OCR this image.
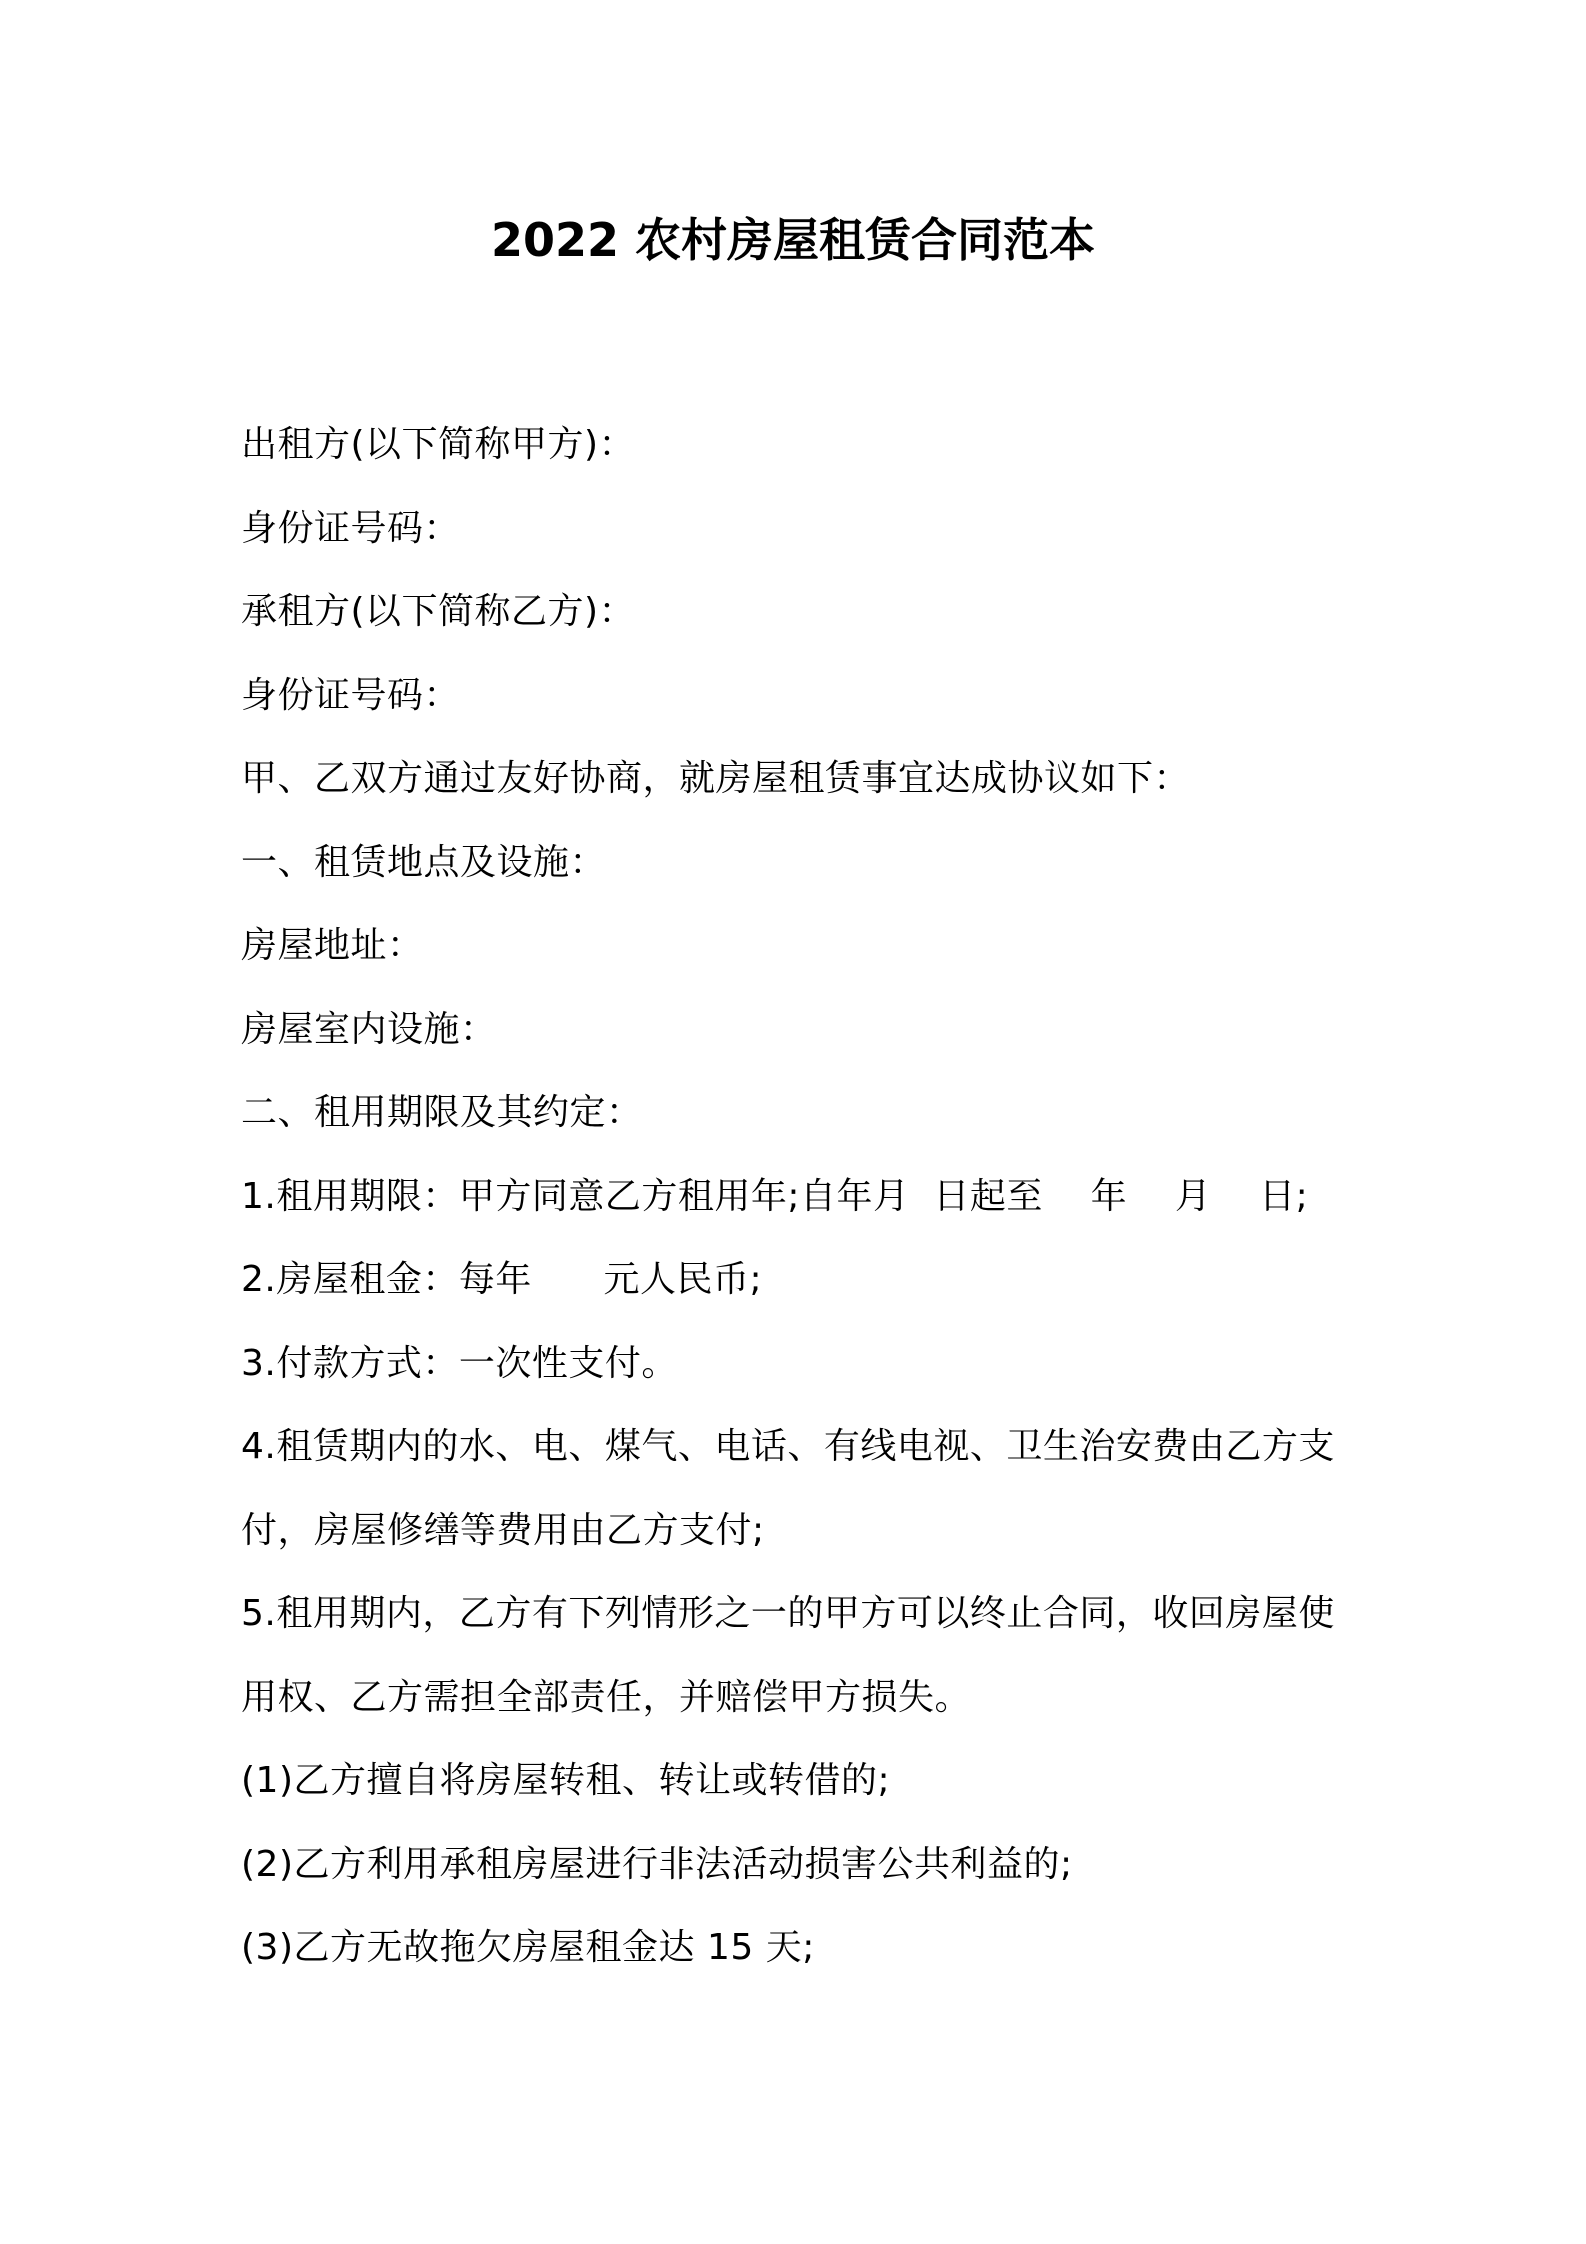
2022 农村房屋租赁合同范本
出租方(以下简称甲方)：
身份证号码：
承租方(以下简称乙方)：
身份证号码：
甲、乙双方通过友好协商，就房屋租赁事宜达成协议如下：
一、租赁地点及设施：
房屋地址：
房屋室内设施：
二、租用期限及其约定：
1.租用期限：甲方同意乙方租用年;自年月  日起至    年    月    日;
2.房屋租金：每年      元人民币;
3.付款方式：一次性支付。
4.租赁期内的水、电、煤气、电话、有线电视、卫生治安费由乙方支
付，房屋修缮等费用由乙方支付;
5.租用期内，乙方有下列情形之一的甲方可以终止合同，收回房屋使
用权、乙方需担全部责任，并赔偿甲方损失。
(1)乙方擅自将房屋转租、转让或转借的;
(2)乙方利用承租房屋进行非法活动损害公共利益的;
(3)乙方无故拖欠房屋租金达 15 天;
